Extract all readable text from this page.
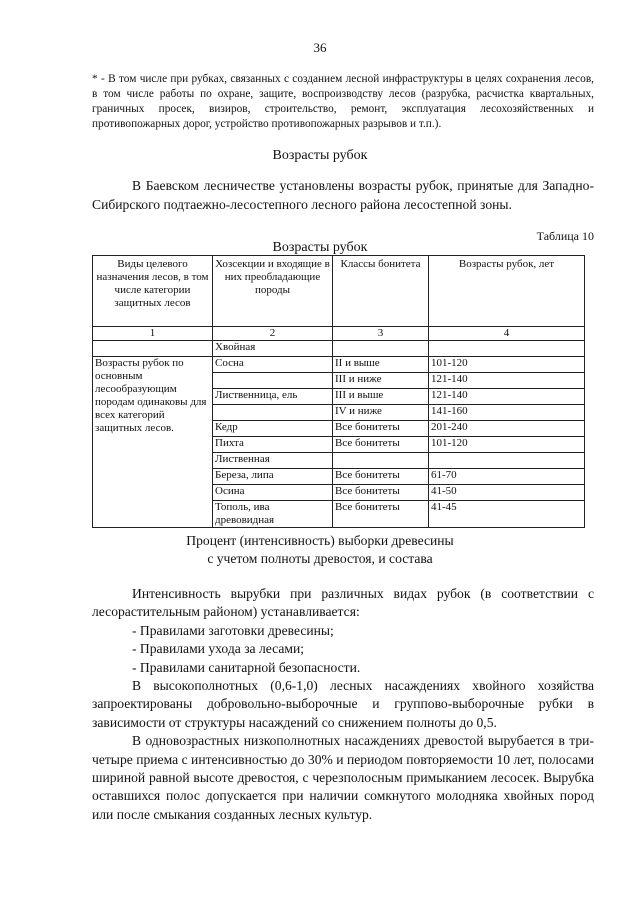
36
* - В том числе при рубках, связанных с созданием лесной инфраструктуры в целях сохранения лесов, в том числе работы по охране, защите, воспроизводству лесов (разрубка, расчистка квартальных, граничных просек, визиров, строительство, ремонт, эксплуатация лесохозяйственных и противопожарных дорог, устройство противопожарных разрывов и т.п.).
Возрасты рубок

В Баевском лесничестве установлены возрасты рубок, принятые для Западно-Сибирского подтаежно-лесостепного лесного района лесостепной зоны.

Таблица 10
Возрасты рубок
Виды целевого назначения лесов, в том числе категории защитных лесов	Хозсекции и входящие в них преобладающие породы	Классы бонитета	Возрасты рубок, лет
1	2	3	4
	Хвойная		
Возрасты рубок по основным лесообразующим породам одинаковы для всех категорий защитных лесов.	Сосна	II и выше	101-120
		III и ниже	121-140
	Лиственница, ель	III и выше	121-140
		IV и ниже	141-160
	Кедр	Все бонитеты	201-240
	Пихта	Все бонитеты	101-120
	Лиственная		
	Береза, липа	Все бонитеты	61-70
	Осина	Все бонитеты	41-50
	Тополь, ива древовидная	Все бонитеты	41-45
Процент (интенсивность) выборки древесины
с учетом полноты древостоя, и состава

Интенсивность вырубки при различных видах рубок (в соответствии с лесорастительным районом) устанавливается:

- Правилами заготовки древесины;

- Правилами ухода за лесами;

- Правилами санитарной безопасности.

В высокополнотных (0,6-1,0) лесных насаждениях хвойного хозяйства запроектированы добровольно-выборочные и группово-выборочные рубки в зависимости от структуры насаждений со снижением полноты до 0,5.

В одновозрастных низкополнотных насаждениях древостой вырубается в три-четыре приема с интенсивностью до 30% и периодом повторяемости 10 лет, полосами шириной равной высоте древостоя, с черезполосным примыканием лесосек. Вырубка оставшихся полос допускается при наличии сомкнутого молодняка хвойных пород или после смыкания созданных лесных культур.
